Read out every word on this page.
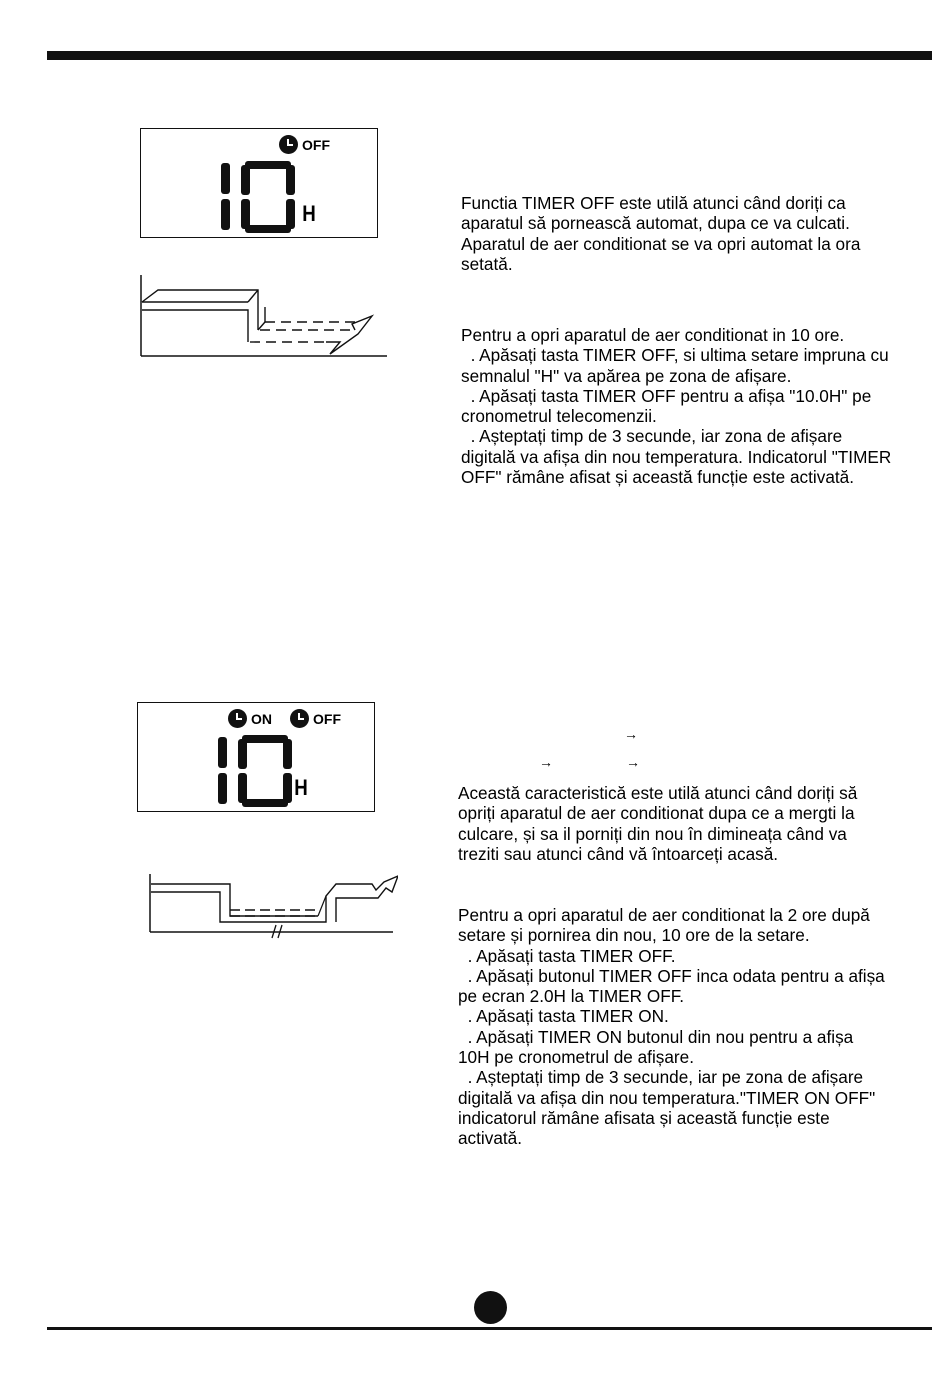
OFF
H	Functia TIMER OFF este utilă atunci când doriți ca
aparatul să pornească automat, dupa ce va culcati.
Aparatul de aer conditionat se va opri automat la ora
setată.
Pentru a opri aparatul de aer conditionat in 10 ore.
. Apăsați tasta TIMER OFF, si ultima setare impruna cu
semnalul "H" va apărea pe zona de afișare.
. Apăsați tasta TIMER OFF pentru a afișa "10.0H" pe
cronometrul telecomenzii.
. Așteptați timp de 3 secunde, iar zona de afișare
digitală va afișa din nou temperatura. Indicatorul "TIMER
OFF" rămâne afisat și această funcție este activată.
ON	OFF
H
→
→	→
Această caracteristică este utilă atunci când doriți să
opriți aparatul de aer conditionat dupa ce a mergti la
culcare, și sa il porniți din nou în dimineața când va
treziti sau atunci când vă întoarceți acasă.
Pentru a opri aparatul de aer conditionat la 2 ore după
setare și pornirea din nou, 10 ore de la setare.
. Apăsați tasta TIMER OFF.
. Apăsați butonul TIMER OFF inca odata pentru a afișa
pe ecran 2.0H la TIMER OFF.
. Apăsați tasta TIMER ON.
. Apăsați TIMER ON butonul din nou pentru a afișa
10H pe cronometrul de afișare.
. Așteptați timp de 3 secunde, iar pe zona de afișare
digitală va afișa din nou temperatura."TIMER ON OFF"
indicatorul rămâne afisata și această funcție este
activată.
